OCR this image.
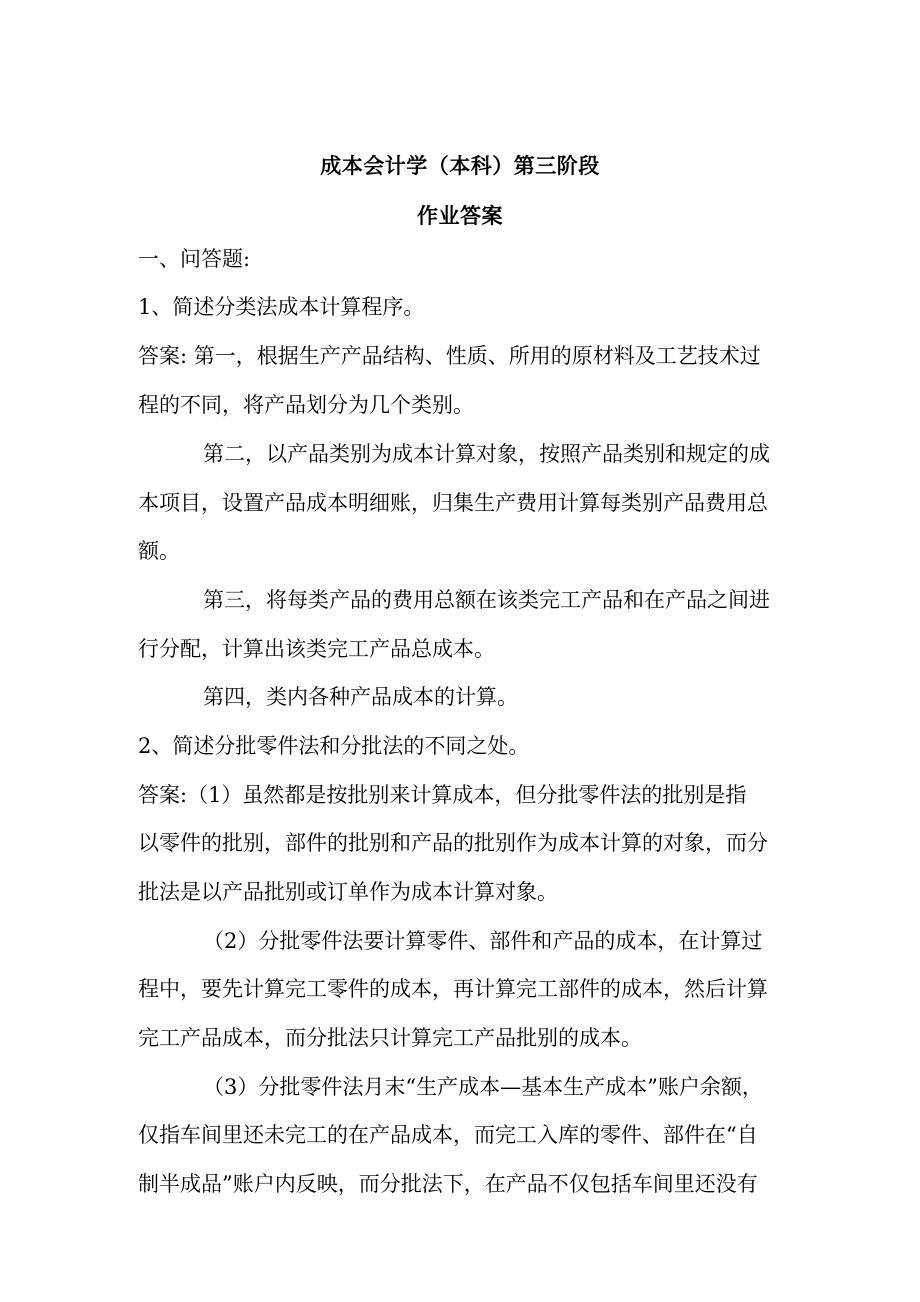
成本会计学（本科）第三阶段
作业答案
一、问答题:
1、简述分类法成本计算程序。
答案: 第一，根据生产产品结构、性质、所用的原材料及工艺技术过
程的不同，将产品划分为几个类别。
第二，以产品类别为成本计算对象，按照产品类别和规定的成
本项目，设置产品成本明细账，归集生产费用计算每类别产品费用总
额。
第三，将每类产品的费用总额在该类完工产品和在产品之间进
行分配，计算出该类完工产品总成本。
第四，类内各种产品成本的计算。
2、简述分批零件法和分批法的不同之处。
答案:（1）虽然都是按批别来计算成本，但分批零件法的批别是指
以零件的批别，部件的批别和产品的批别作为成本计算的对象，而分
批法是以产品批别或订单作为成本计算对象。
（2）分批零件法要计算零件、部件和产品的成本，在计算过
程中，要先计算完工零件的成本，再计算完工部件的成本，然后计算
完工产品成本，而分批法只计算完工产品批别的成本。
（3）分批零件法月末“生产成本—基本生产成本”账户余额，
仅指车间里还未完工的在产品成本，而完工入库的零件、部件在“自
制半成品”账户内反映，而分批法下，在产品不仅包括车间里还没有
